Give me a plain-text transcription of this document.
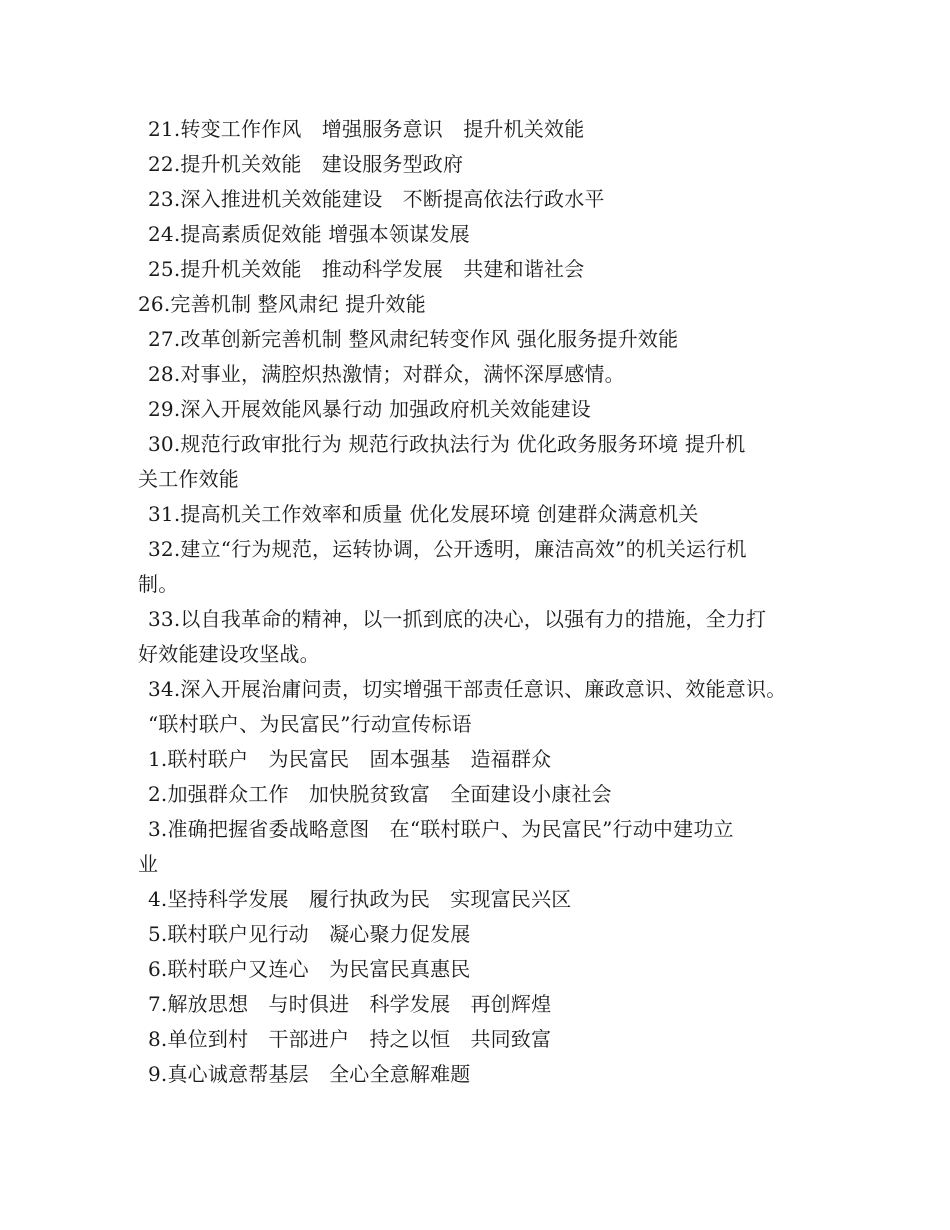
21.转变工作作风　增强服务意识　提升机关效能
22.提升机关效能　建设服务型政府
23.深入推进机关效能建设　不断提高依法行政水平
24.提高素质促效能 增强本领谋发展
25.提升机关效能　推动科学发展　共建和谐社会
26.完善机制 整风肃纪 提升效能
27.改革创新完善机制 整风肃纪转变作风 强化服务提升效能
28.对事业，满腔炽热激情；对群众，满怀深厚感情。
29.深入开展效能风暴行动 加强政府机关效能建设
30.规范行政审批行为 规范行政执法行为 优化政务服务环境 提升机
关工作效能
31.提高机关工作效率和质量 优化发展环境 创建群众满意机关
32.建立“行为规范，运转协调，公开透明，廉洁高效”的机关运行机
制。
33.以自我革命的精神，以一抓到底的决心，以强有力的措施，全力打
好效能建设攻坚战。
34.深入开展治庸问责，切实增强干部责任意识、廉政意识、效能意识。
“联村联户、为民富民”行动宣传标语
1.联村联户　为民富民　固本强基　造福群众
2.加强群众工作　加快脱贫致富　全面建设小康社会
3.准确把握省委战略意图　在“联村联户、为民富民”行动中建功立
业
4.坚持科学发展　履行执政为民　实现富民兴区
5.联村联户见行动　凝心聚力促发展
6.联村联户又连心　为民富民真惠民
7.解放思想　与时俱进　科学发展　再创辉煌
8.单位到村　干部进户　持之以恒　共同致富
9.真心诚意帮基层　全心全意解难题
